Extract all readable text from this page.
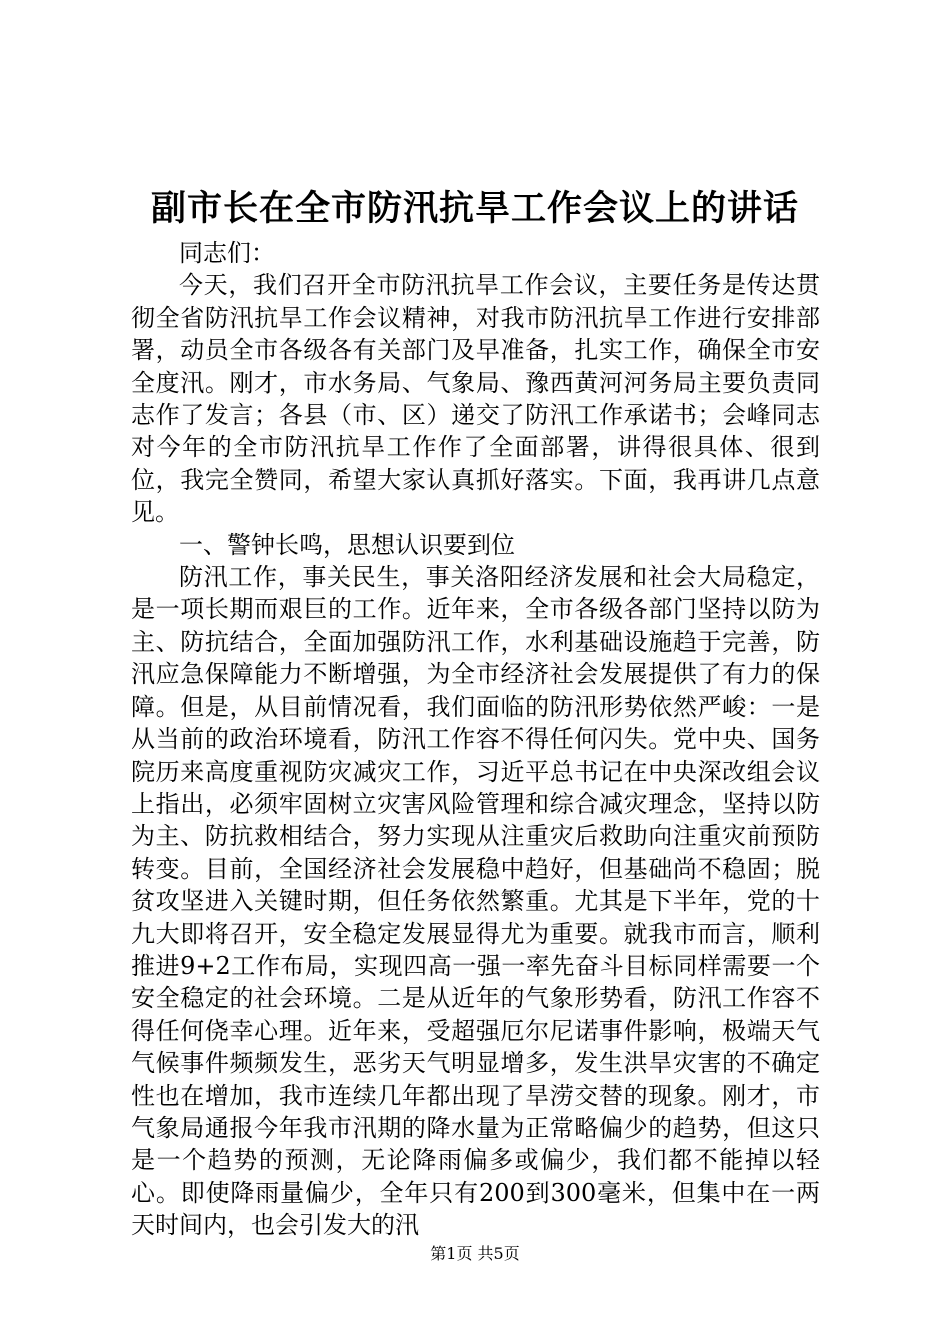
副市长在全市防汛抗旱工作会议上的讲话

同志们：

今天，我们召开全市防汛抗旱工作会议，主要任务是传达贯彻全省防汛抗旱工作会议精神，对我市防汛抗旱工作进行安排部署，动员全市各级各有关部门及早准备，扎实工作，确保全市安全度汛。刚才，市水务局、气象局、豫西黄河河务局主要负责同志作了发言；各县（市、区）递交了防汛工作承诺书；会峰同志对今年的全市防汛抗旱工作作了全面部署，讲得很具体、很到位，我完全赞同，希望大家认真抓好落实。下面，我再讲几点意见。

一、警钟长鸣，思想认识要到位

防汛工作，事关民生，事关洛阳经济发展和社会大局稳定，是一项长期而艰巨的工作。近年来，全市各级各部门坚持以防为主、防抗结合，全面加强防汛工作，水利基础设施趋于完善，防汛应急保障能力不断增强，为全市经济社会发展提供了有力的保障。但是，从目前情况看，我们面临的防汛形势依然严峻：一是从当前的政治环境看，防汛工作容不得任何闪失。党中央、国务院历来高度重视防灾减灾工作，习近平总书记在中央深改组会议上指出，必须牢固树立灾害风险管理和综合减灾理念，坚持以防为主、防抗救相结合，努力实现从注重灾后救助向注重灾前预防转变。目前，全国经济社会发展稳中趋好，但基础尚不稳固；脱贫攻坚进入关键时期，但任务依然繁重。尤其是下半年，党的十九大即将召开，安全稳定发展显得尤为重要。就我市而言，顺利推进9+2工作布局，实现四高一强一率先奋斗目标同样需要一个安全稳定的社会环境。二是从近年的气象形势看，防汛工作容不得任何侥幸心理。近年来，受超强厄尔尼诺事件影响，极端天气气候事件频频发生，恶劣天气明显增多，发生洪旱灾害的不确定性也在增加，我市连续几年都出现了旱涝交替的现象。刚才，市气象局通报今年我市汛期的降水量为正常略偏少的趋势，但这只是一个趋势的预测，无论降雨偏多或偏少，我们都不能掉以轻心。即使降雨量偏少，全年只有200到300毫米，但集中在一两天时间内，也会引发大的汛

第1页 共5页
